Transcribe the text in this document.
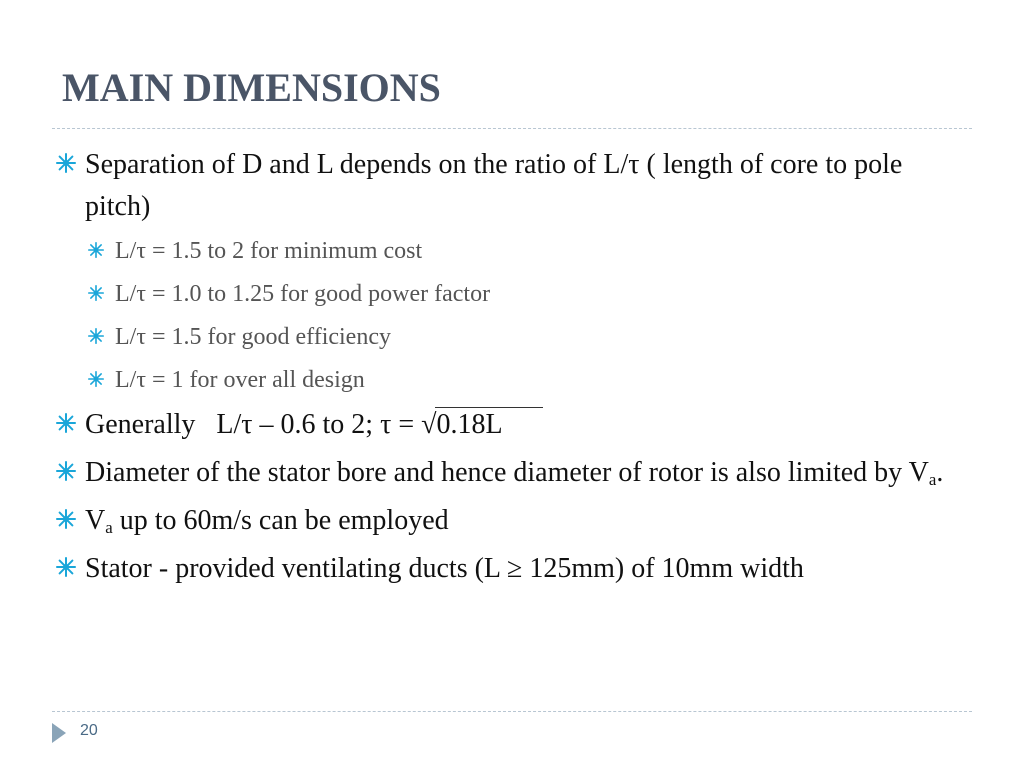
MAIN DIMENSIONS
Separation of D and L depends on the ratio of L/τ ( length of core to pole pitch)
L/τ = 1.5 to 2 for minimum cost
L/τ = 1.0 to 1.25 for good power factor
L/τ = 1.5 for good efficiency
L/τ = 1 for over all design
Generally   L/τ – 0.6 to 2; τ = √
0.18L
Diameter of the stator bore and hence diameter of rotor is also limited by $V_a$.
$V_a$ up to 60m/s can be employed
Stator - provided ventilating ducts (L ≥ 125mm) of 10mm width
20
